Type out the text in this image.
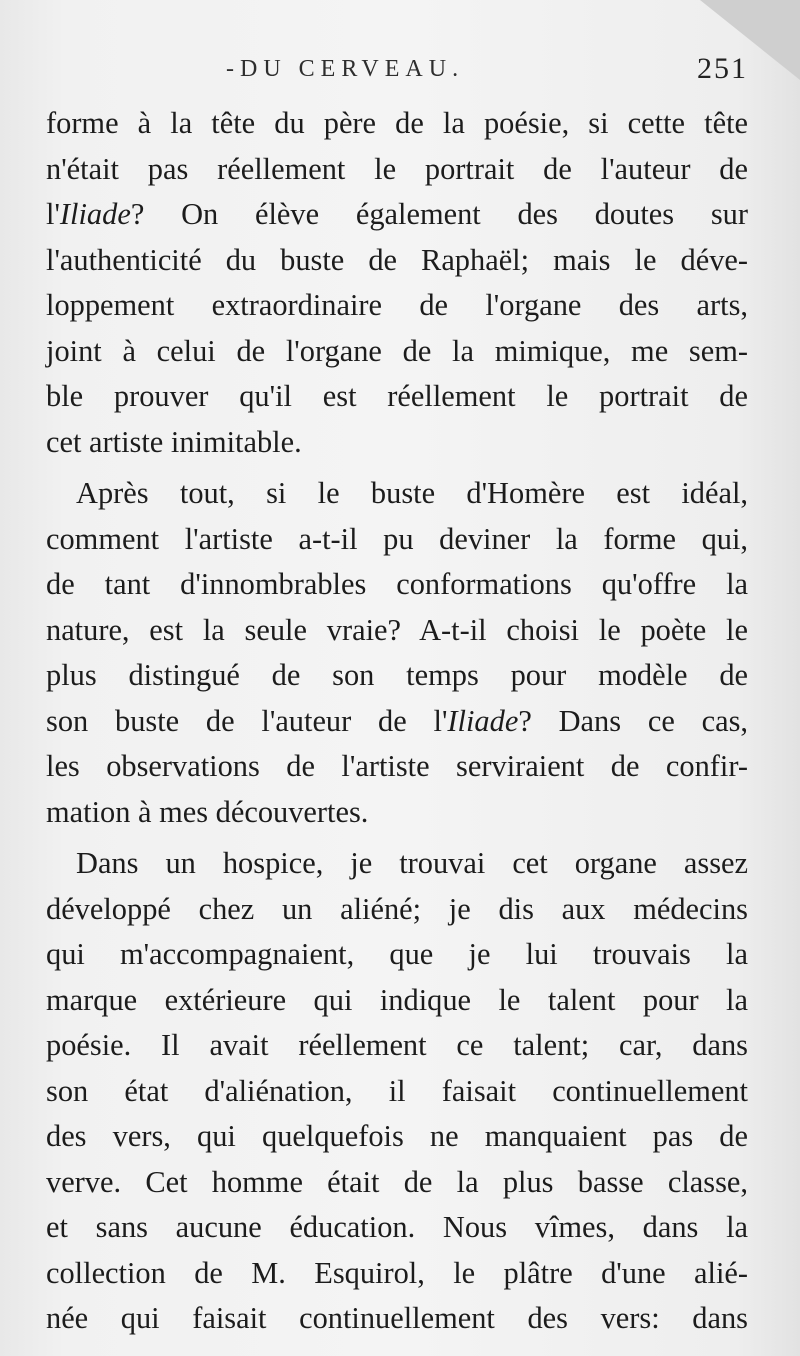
-DU CERVEAU.	251
forme à la tête du père de la poésie, si cette tête
n'était pas réellement le portrait de l'auteur de
l'Iliade? On élève également des doutes sur
l'authenticité du buste de Raphaël; mais le déve-
loppement extraordinaire de l'organe des arts,
joint à celui de l'organe de la mimique, me sem-
ble prouver qu'il est réellement le portrait de
cet artiste inimitable.
Après tout, si le buste d'Homère est idéal,
comment l'artiste a-t-il pu deviner la forme qui,
de tant d'innombrables conformations qu'offre la
nature, est la seule vraie? A-t-il choisi le poète le
plus distingué de son temps pour modèle de
son buste de l'auteur de l'Iliade? Dans ce cas,
les observations de l'artiste serviraient de confir-
mation à mes découvertes.
Dans un hospice, je trouvai cet organe assez
développé chez un aliéné; je dis aux médecins
qui m'accompagnaient, que je lui trouvais la
marque extérieure qui indique le talent pour la
poésie. Il avait réellement ce talent; car, dans
son état d'aliénation, il faisait continuellement
des vers, qui quelquefois ne manquaient pas de
verve. Cet homme était de la plus basse classe,
et sans aucune éducation. Nous vîmes, dans la
collection de M. Esquirol, le plâtre d'une alié-
née qui faisait continuellement des vers: dans
